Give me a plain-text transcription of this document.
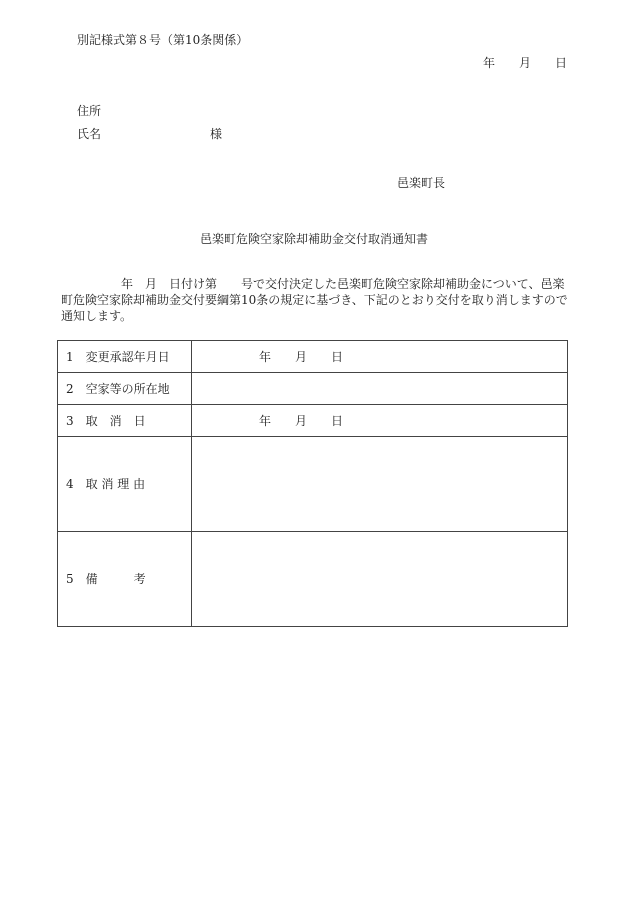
別記様式第８号（第10条関係）
年　　月　　日
住所
氏名	様
邑楽町長
邑楽町危険空家除却補助金交付取消通知書
　　　　　年　月　日付け第　　号で交付決定した邑楽町危険空家除却補助金について、邑楽町危険空家除却補助金交付要綱第10条の規定に基づき、下記のとおり交付を取り消しますので通知します。
1　変更承認年月日	年　　月　　日
2　空家等の所在地	
3　取　消　日	年　　月　　日
4　取 消 理 由	
5　備　　　考	
